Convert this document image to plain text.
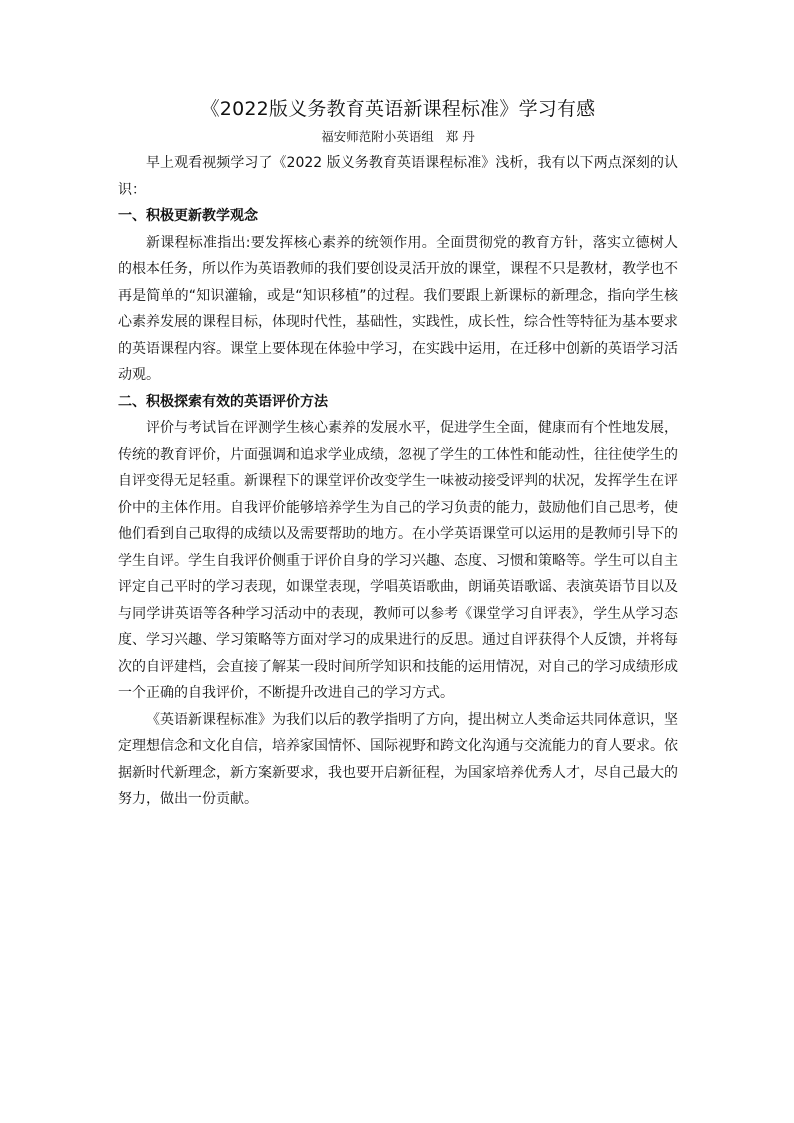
《2022版义务教育英语新课程标准》学习有感
福安师范附小英语组   郑 丹

早上观看视频学习了《2022 版义务教育英语课程标准》浅析，我有以下两点深刻的认识：

一、积极更新教学观念

新课程标准指出:要发挥核心素养的统领作用。全面贯彻党的教育方针，落实立德树人的根本任务，所以作为英语教师的我们要创设灵活开放的课堂，课程不只是教材，教学也不再是简单的“知识灌输，或是“知识移植”的过程。我们要跟上新课标的新理念，指向学生核心素养发展的课程目标，体现时代性，基础性，实践性，成长性，综合性等特征为基本要求的英语课程内容。课堂上要体现在体验中学习，在实践中运用，在迁移中创新的英语学习活动观。

二、积极探索有效的英语评价方法

评价与考试旨在评测学生核心素养的发展水平，促进学生全面，健康而有个性地发展，传统的教育评价，片面强调和追求学业成绩，忽视了学生的工体性和能动性，往往使学生的自评变得无足轻重。新课程下的课堂评价改变学生一味被动接受评判的状况，发挥学生在评价中的主体作用。自我评价能够培养学生为自己的学习负责的能力，鼓励他们自己思考，使他们看到自己取得的成绩以及需要帮助的地方。在小学英语课堂可以运用的是教师引导下的学生自评。学生自我评价侧重于评价自身的学习兴趣、态度、习惯和策略等。学生可以自主评定自己平时的学习表现，如课堂表现，学唱英语歌曲，朗诵英语歌谣、表演英语节目以及与同学讲英语等各种学习活动中的表现，教师可以参考《课堂学习自评表》，学生从学习态度、学习兴趣、学习策略等方面对学习的成果进行的反思。通过自评获得个人反馈，并将每次的自评建档，会直接了解某一段时间所学知识和技能的运用情况，对自己的学习成绩形成一个正确的自我评价，不断提升改进自己的学习方式。

《英语新课程标准》为我们以后的教学指明了方向，提出树立人类命运共同体意识，坚定理想信念和文化自信，培养家国情怀、国际视野和跨文化沟通与交流能力的育人要求。依据新时代新理念，新方案新要求，我也要开启新征程，为国家培养优秀人才，尽自己最大的努力，做出一份贡献。
